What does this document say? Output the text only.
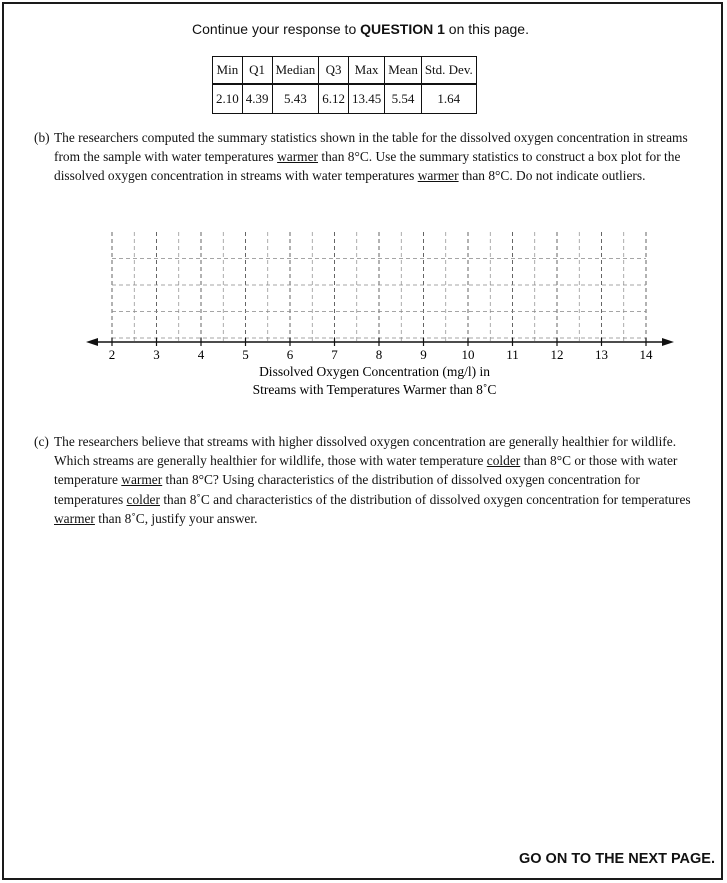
Continue your response to QUESTION 1 on this page.
Min	Q1	Median	Q3	Max	Mean	Std. Dev.
2.10	4.39	5.43	6.12	13.45	5.54	1.64
(b) The researchers computed the summary statistics shown in the table for the dissolved oxygen concentration in streams from the sample with water temperatures warmer than 8°C. Use the summary statistics to construct a box plot for the dissolved oxygen concentration in streams with water temperatures warmer than 8°C. Do not indicate outliers.
2	3	4	5	6	7	8	9	10 11 12 13 14
Dissolved Oxygen Concentration (mg/l) in
Streams with Temperatures Warmer than 8˚C
(c) The researchers believe that streams with higher dissolved oxygen concentration are generally healthier for wildlife. Which streams are generally healthier for wildlife, those with water temperature colder than 8°C or those with water temperature warmer than 8°C? Using characteristics of the distribution of dissolved oxygen concentration for temperatures colder than 8˚C and characteristics of the distribution of dissolved oxygen concentration for temperatures warmer than 8˚C, justify your answer.
GO ON TO THE NEXT PAGE.
